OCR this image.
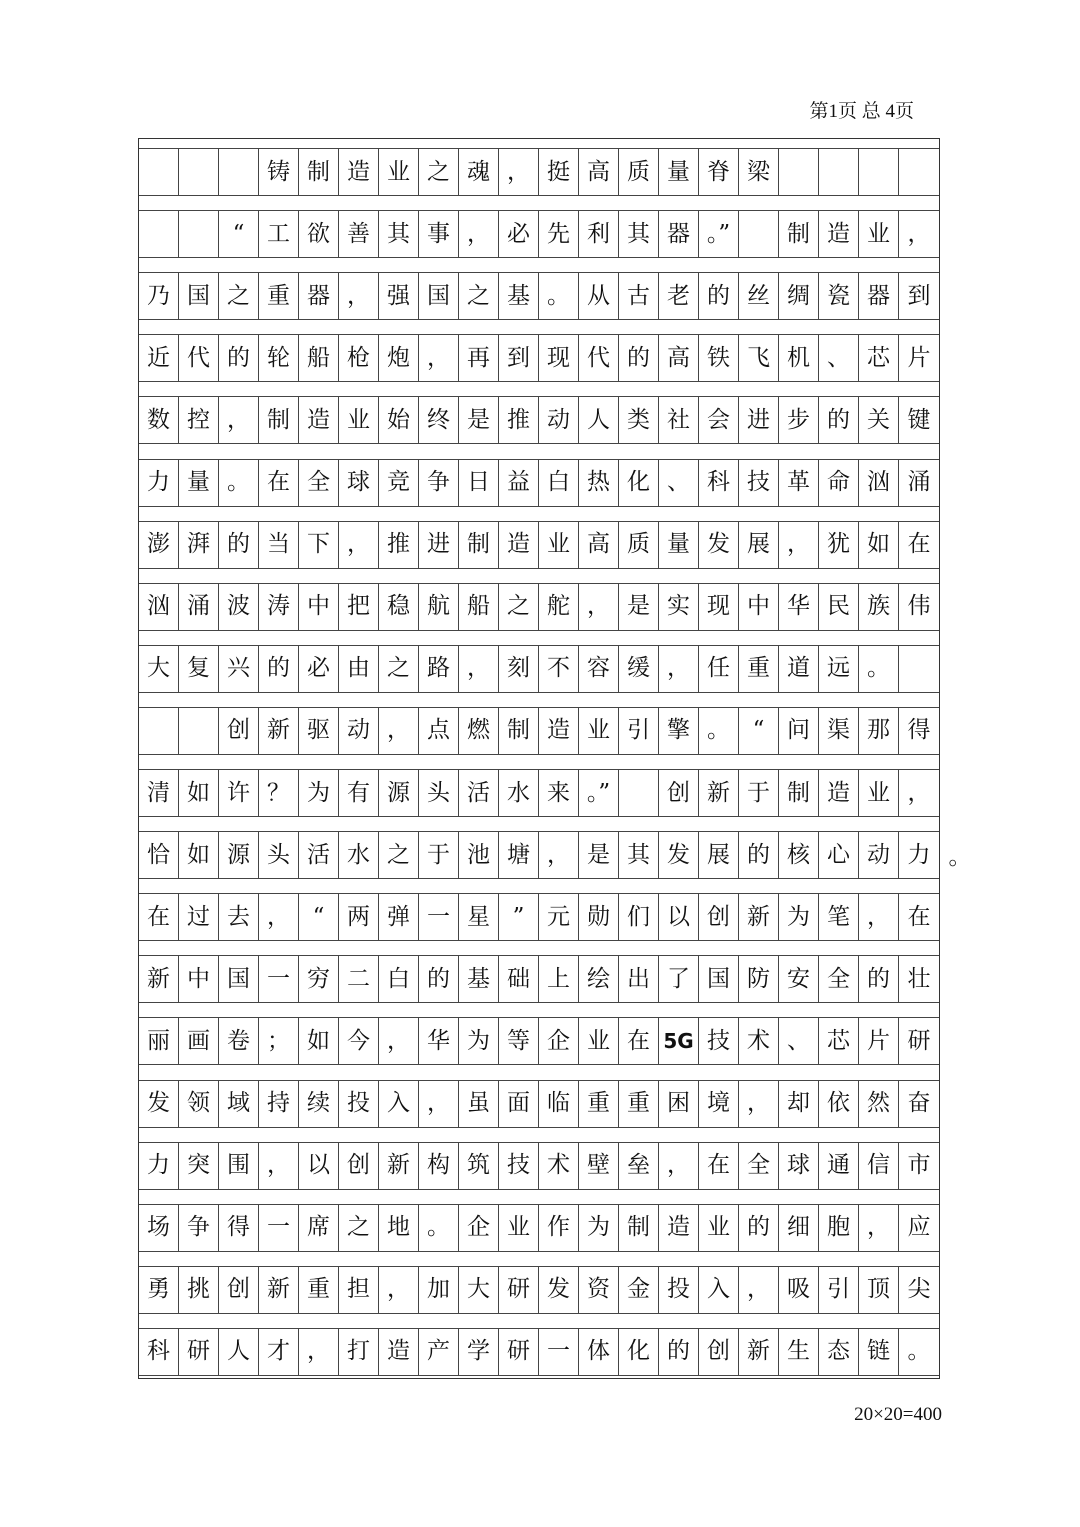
第1页 总 4页
铸 制 造 业 之 魂 ， 挺 高 质 量 脊 梁
“ 工 欲 善 其 事 ， 必 先 利 其 器 。”	制 造 业 ，
乃 国 之 重 器 ， 强 国 之 基 。 从 古 老 的 丝 绸 瓷 器 到
近 代 的 轮 船 枪 炮 ， 再 到 现 代 的 高 铁 飞 机 、 芯 片
数 控 ， 制 造 业 始 终 是 推 动 人 类 社 会 进 步 的 关 键
力 量 。 在 全 球 竞 争 日 益 白 热 化 、 科 技 革 命 汹 涌
澎 湃 的 当 下 ， 推 进 制 造 业 高 质 量 发 展 ， 犹 如 在
汹 涌 波 涛 中 把 稳 航 船 之 舵 ， 是 实 现 中 华 民 族 伟
大 复 兴 的 必 由 之 路 ， 刻 不 容 缓 ， 任 重 道 远 。
创 新 驱 动 ， 点 燃 制 造 业 引 擎 。 “ 问 渠 那 得
清 如 许 ？ 为 有 源 头 活 水 来 。”	创 新 于 制 造 业 ，
恰 如 源 头 活 水 之 于 池 塘 ， 是 其 发 展 的 核 心 动 力
在 过 去 ， “ 两 弹 一 星 ” 元 勋 们 以 创 新 为 笔 ， 在
新 中 国 一 穷 二 白 的 基 础 上 绘 出 了 国 防 安 全 的 壮
丽 画 卷 ； 如 今 ， 华 为 等 企 业 在 5G 技 术 、 芯 片 研
发 领 域 持 续 投 入 ， 虽 面 临 重 重 困 境 ， 却 依 然 奋
力 突 围 ， 以 创 新 构 筑 技 术 壁 垒 ， 在 全 球 通 信 市
场 争 得 一 席 之 地 。 企 业 作 为 制 造 业 的 细 胞 ， 应
勇 挑 创 新 重 担 ， 加 大 研 发 资 金 投 入 ， 吸 引 顶 尖
科 研 人 才 ， 打 造 产 学 研 一 体 化 的 创 新 生 态 链 。
。
20×20=400
